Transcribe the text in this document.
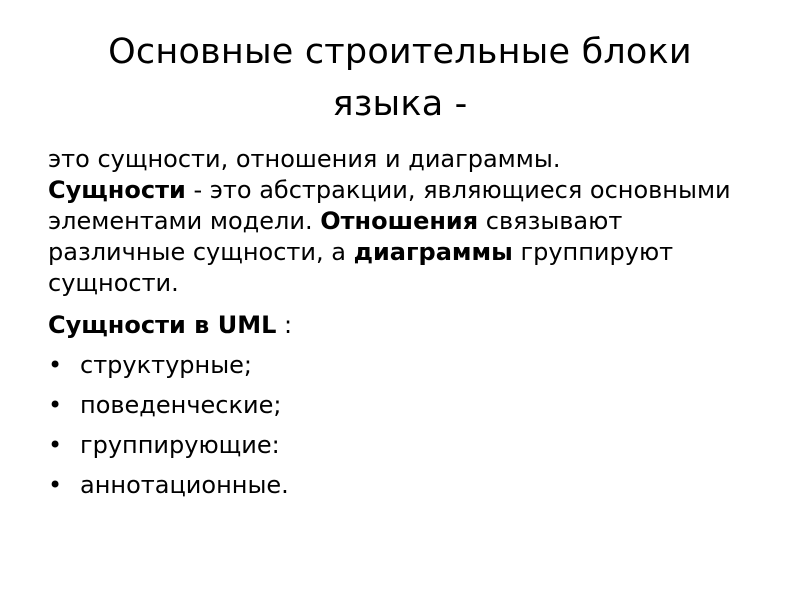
Основные строительные блоки
языка -

это сущности, отношения и диаграммы.
Сущности - это абстракции, являющиеся основными элементами модели. Отношения связывают различные сущности, а диаграммы группируют сущности.

Сущности в UML :
• структурные;
• поведенческие;
• группирующие:
• аннотационные.
